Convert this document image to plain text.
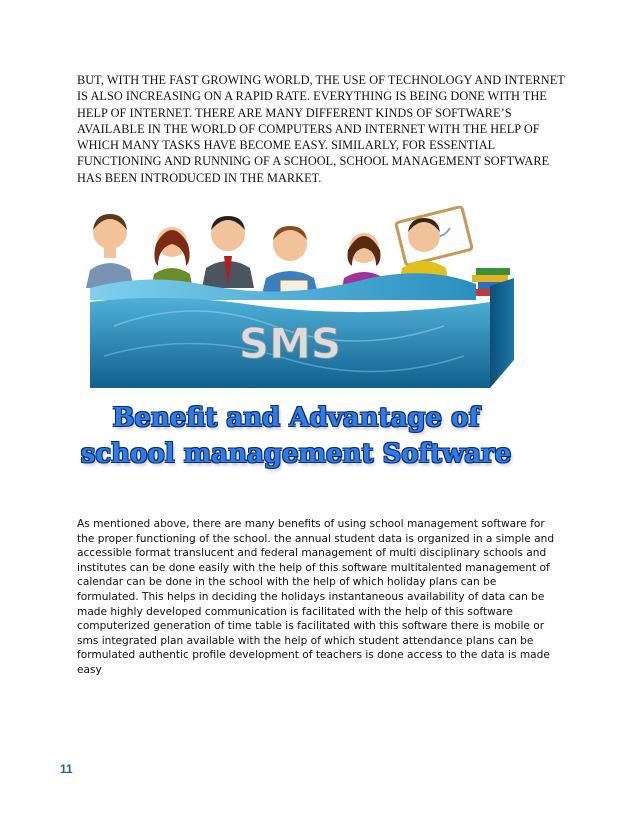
BUT, WITH THE FAST GROWING WORLD, THE USE OF TECHNOLOGY AND INTERNET IS ALSO INCREASING ON A RAPID RATE. EVERYTHING IS BEING DONE WITH THE HELP OF INTERNET. THERE ARE MANY DIFFERENT KINDS OF SOFTWARE’S AVAILABLE IN THE WORLD OF COMPUTERS AND INTERNET WITH THE HELP OF WHICH MANY TASKS HAVE BECOME EASY. SIMILARLY, FOR ESSENTIAL FUNCTIONING AND RUNNING OF A SCHOOL, SCHOOL MANAGEMENT SOFTWARE HAS BEEN INTRODUCED IN THE MARKET.

SMS
Benefit and Advantage of
school management Software

As mentioned above, there are many benefits of using school management software for the proper functioning of the school. the annual student data is organized in a simple and accessible format translucent and federal management of multi disciplinary schools and institutes can be done easily with the help of this software multitalented management of calendar can be done in the school with the help of which holiday plans can be formulated. This helps in deciding the holidays instantaneous availability of data can be made highly developed communication is facilitated with the help of this software computerized generation of time table is facilitated with this software there is mobile or sms integrated plan available with the help of which student attendance plans can be formulated authentic profile development of teachers is done access to the data is made easy

11
